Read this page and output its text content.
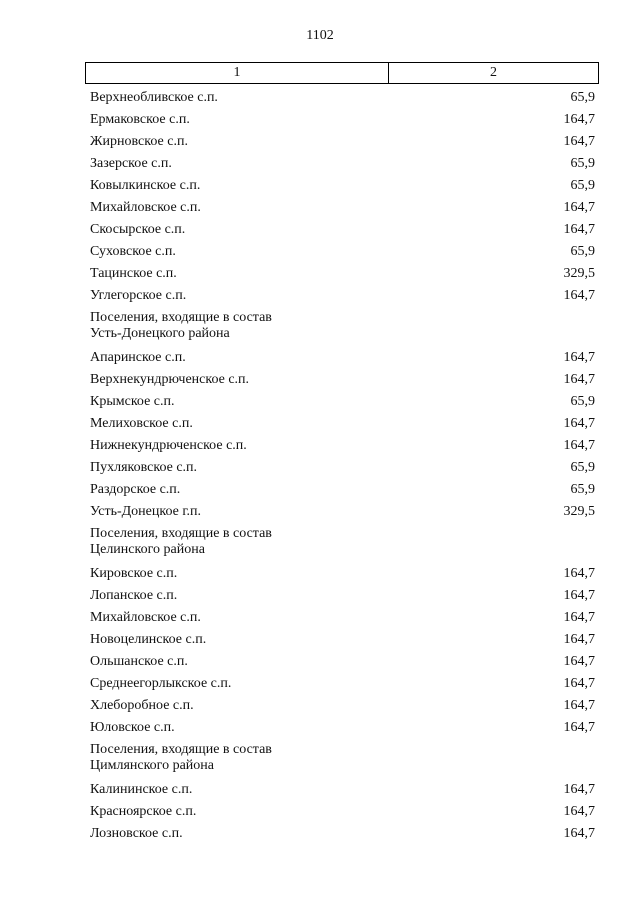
1102
1	2
Верхнеобливское с.п.	65,9
Ермаковское с.п.	164,7
Жирновское с.п.	164,7
Зазерское с.п.	65,9
Ковылкинское с.п.	65,9
Михайловское с.п.	164,7
Скосырское с.п.	164,7
Суховское с.п.	65,9
Тацинское с.п.	329,5
Углегорское с.п.	164,7
Поселения, входящие в состав
Усть-Донецкого района
Апаринское с.п.	164,7
Верхнекундрюченское с.п.	164,7
Крымское с.п.	65,9
Мелиховское с.п.	164,7
Нижнекундрюченское с.п.	164,7
Пухляковское с.п.	65,9
Раздорское с.п.	65,9
Усть-Донецкое г.п.	329,5
Поселения, входящие в состав
Целинского района
Кировское с.п.	164,7
Лопанское с.п.	164,7
Михайловское с.п.	164,7
Новоцелинское с.п.	164,7
Ольшанское с.п.	164,7
Среднеегорлыкское с.п.	164,7
Хлеборобное с.п.	164,7
Юловское с.п.	164,7
Поселения, входящие в состав
Цимлянского района
Калининское с.п.	164,7
Красноярское с.п.	164,7
Лозновское с.п.	164,7
